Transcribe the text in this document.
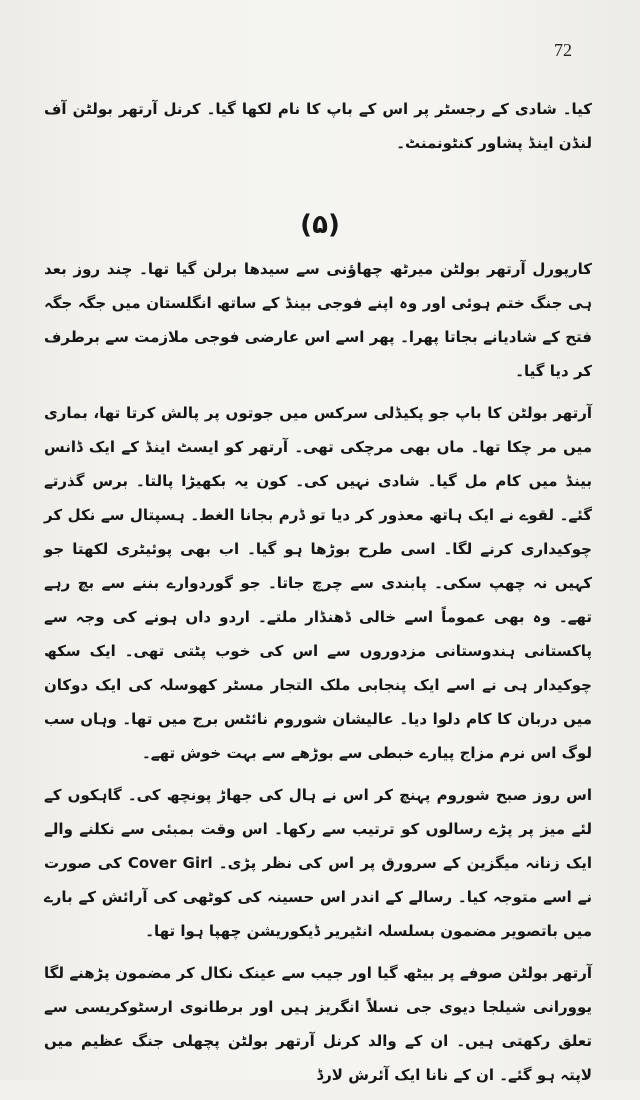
72

کیا۔ شادی کے رجسٹر پر اس کے باپ کا نام لکھا گیا۔ کرنل آرتھر بولٹن آف لنڈن اینڈ پشاور کنٹونمنٹ۔

(۵)

کارپورل آرتھر بولٹن میرٹھ چھاؤنی سے سیدھا برلن گیا تھا۔ چند روز بعد ہی جنگ ختم ہوئی اور وہ اپنے فوجی بینڈ کے ساتھ انگلستان میں جگہ جگہ فتح کے شادیانے بجاتا پھرا۔ پھر اسے اس عارضی فوجی ملازمت سے برطرف کر دیا گیا۔

آرتھر بولٹن کا باپ جو پکیڈلی سرکس میں جوتوں پر پالش کرتا تھا، بماری میں مر چکا تھا۔ ماں بھی مرچکی تھی۔ آرتھر کو ایسٹ اینڈ کے ایک ڈانس بینڈ میں کام مل گیا۔ شادی نہیں کی۔ کون یہ بکھیڑا پالتا۔ برس گذرتے گئے۔ لقوے نے ایک ہاتھ معذور کر دیا تو ڈرم بجانا الغط۔ ہسپتال سے نکل کر چوکیداری کرنے لگا۔ اسی طرح بوڑھا ہو گیا۔ اب بھی پوئیٹری لکھتا جو کہیں نہ چھپ سکی۔ پابندی سے چرچ جاتا۔ جو گوردوارے بننے سے بچ رہے تھے۔ وہ بھی عموماً اسے خالی ڈھنڈار ملتے۔ اردو داں ہونے کی وجہ سے پاکستانی ہندوستانی مزدوروں سے اس کی خوب پٹتی تھی۔ ایک سکھ چوکیدار ہی نے اسے ایک پنجابی ملک التجار مسٹر کھوسلہ کی ایک دوکان میں دربان کا کام دلوا دیا۔ عالیشان شوروم نائٹس برج میں تھا۔ وہاں سب لوگ اس نرم مزاج پیارے خبطی سے بوڑھے سے بہت خوش تھے۔

اس روز صبح شوروم پہنچ کر اس نے ہال کی جھاڑ پونچھ کی۔ گاہکوں کے لئے میز پر پڑے رسالوں کو ترتیب سے رکھا۔ اس وقت بمبئی سے نکلنے والے ایک زنانہ میگزین کے سرورق پر اس کی نظر پڑی۔ Cover Girl کی صورت نے اسے متوجہ کیا۔ رسالے کے اندر اس حسینہ کی کوٹھی کی آرائش کے بارے میں باتصویر مضمون بسلسلہ انٹیریر ڈیکوریشن چھپا ہوا تھا۔

آرتھر بولٹن صوفے پر بیٹھ گیا اور جیب سے عینک نکال کر مضمون پڑھنے لگا یوورانی شیلجا دیوی جی نسلاً انگریز ہیں اور برطانوی ارسٹوکریسی سے تعلق رکھتی ہیں۔ ان کے والد کرنل آرتھر بولٹن پچھلی جنگ عظیم میں لاپتہ ہو گئے۔ ان کے نانا ایک آئرش لارڈ
